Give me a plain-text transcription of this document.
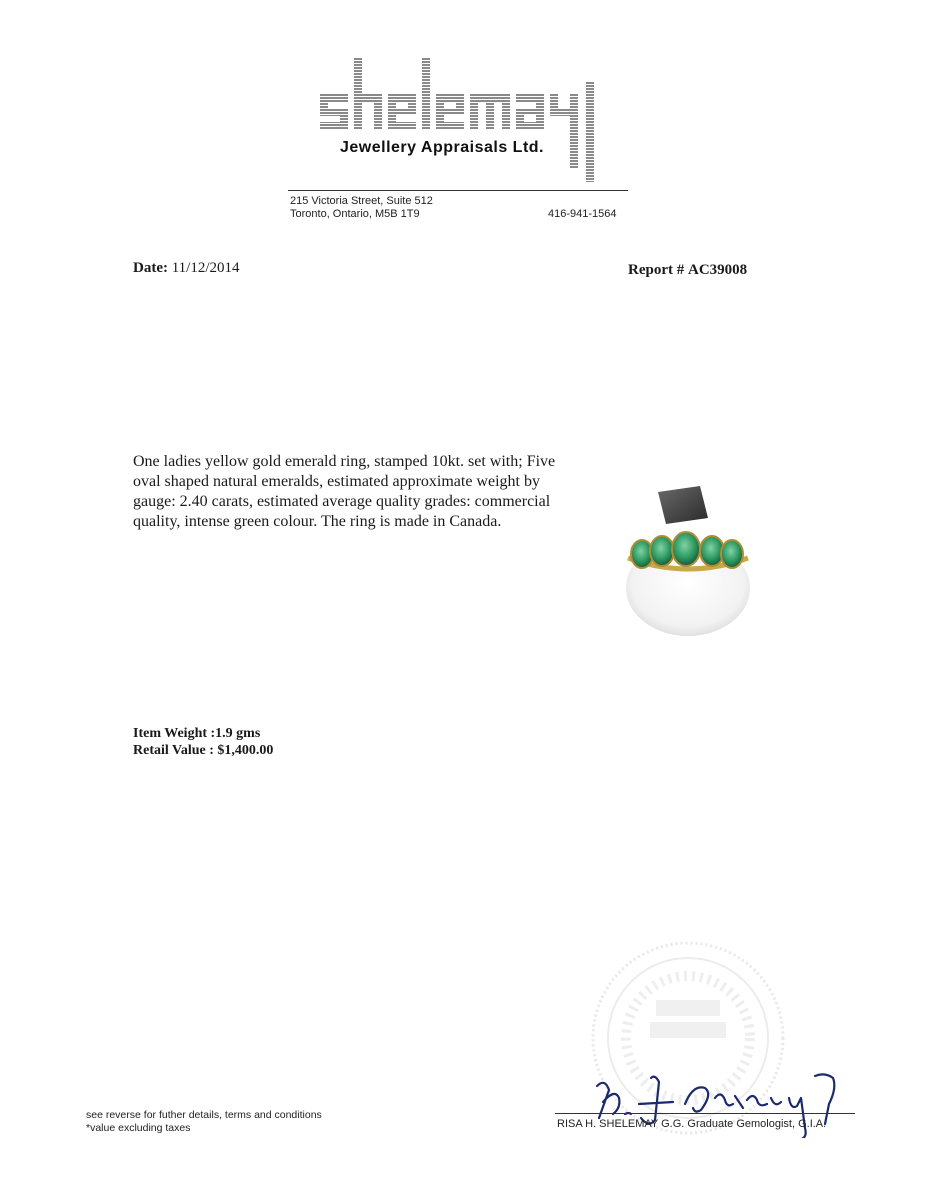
Jewellery Appraisals Ltd.
215 Victoria Street, Suite 512
Toronto, Ontario, M5B 1T9	416-941-1564
Date: 11/12/2014	Report # AC39008
One ladies yellow gold emerald ring, stamped 10kt. set with; Five oval shaped natural emeralds, estimated approximate weight by gauge: 2.40 carats, estimated average quality grades: commercial quality, intense green colour. The ring is made in Canada.
Item Weight :1.9 gms
Retail Value : $1,400.00
RISA H. SHELEMAY G.G. Graduate Gemologist, G.I.A.
see reverse for futher details, terms and conditions
*value excluding taxes
